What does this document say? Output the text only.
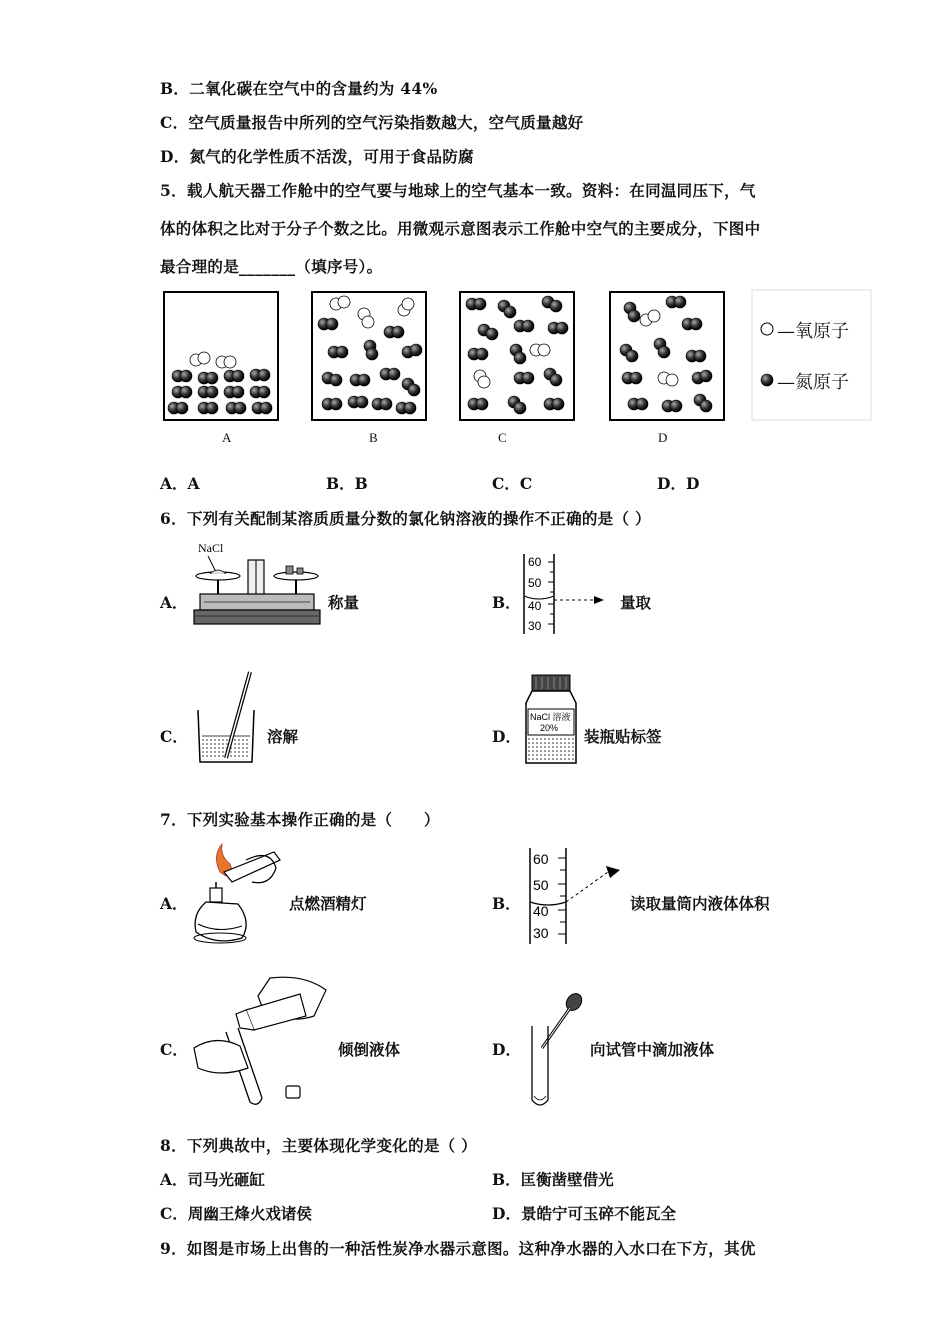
B．二氧化碳在空气中的含量约为 44%
C．空气质量报告中所列的空气污染指数越大，空气质量越好
D．氮气的化学性质不活泼，可用于食品防腐
5．载人航天器工作舱中的空气要与地球上的空气基本一致。资料：在同温同压下，气
体的体积之比对于分子个数之比。用微观示意图表示工作舱中空气的主要成分，下图中
最合理的是_______（填序号）。
—氧原子
—氮原子
A	B	C	D
A．A	B．B	C．C	D．D
6．下列有关配制某溶质质量分数的氯化钠溶液的操作不正确的是（ ）
A．
NaCl
称量	B．
60
50
40
30
量取
C．	溶解	D．
NaCl 溶液
20% 装瓶贴标签
7．下列实验基本操作正确的是（　　）
A．	点燃酒精灯	B．
60
50
40
30
读取量筒内液体体积
C．	倾倒液体	D．	向试管中滴加液体
8．下列典故中，主要体现化学变化的是（ ）
A．司马光砸缸	B．匡衡凿壁借光
C．周幽王烽火戏诸侯	D．景皓宁可玉碎不能瓦全
9．如图是市场上出售的一种活性炭净水器示意图。这种净水器的入水口在下方，其优
